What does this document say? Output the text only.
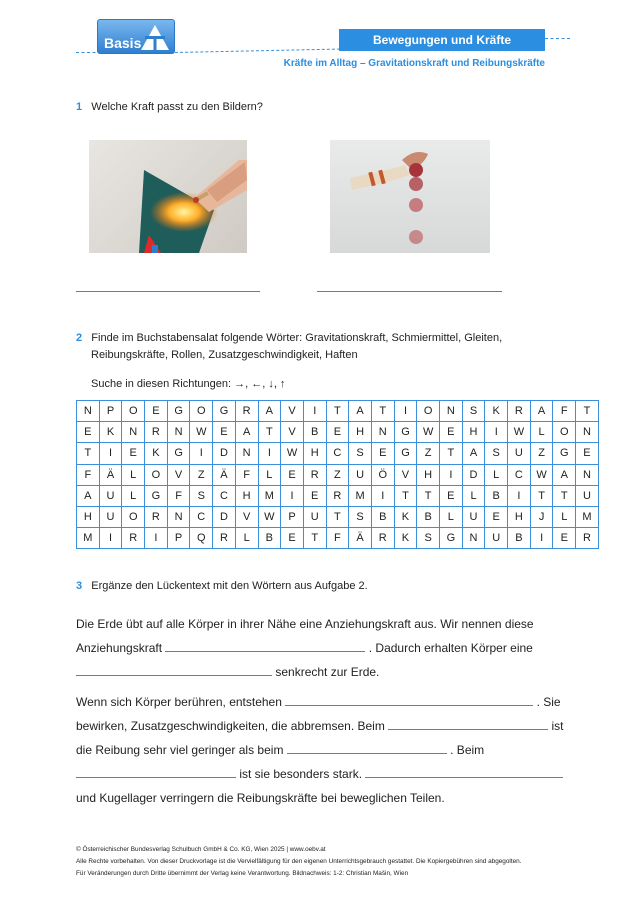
Basis	Bewegungen und Kräfte
Kräfte im Alltag – Gravitationskraft und Reibungskräfte
1 Welche Kraft passt zu den Bildern?
2 Finde im Buchstabensalat folgende Wörter: Gravitationskraft, Schmiermittel, Gleiten,
Reibungskräfte, Rollen, Zusatzgeschwindigkeit, Haften
Suche in diesen Richtungen: →, ←, ↓, ↑
N	P	O	E	G	O	G	R	A	V	I	T	A	T	I	O	N	S	K	R	A	F	T
E	K	N	R	N	W	E	A	T	V	B	E	H	N	G	W	E	H	I	W	L	O	N
T	I	E	K	G	I	D	N	I	W	H	C	S	E	G	Z	T	A	S	U	Z	G	E
F	Ä	L	O	V	Z	Ä	F	L	E	R	Z	U	Ö	V	H	I	D	L	C	W	A	N
A	U	L	G	F	S	C	H	M	I	E	R	M	I	T	T	E	L	B	I	T	T	U
H	U	O	R	N	C	D	V	W	P	U	T	S	B	K	B	L	U	E	H	J	L	M
M	I	R	I	P	Q	R	L	B	E	T	F	Ä	R	K	S	G	N	U	B	I	E	R
3 Ergänze den Lückentext mit den Wörtern aus Aufgabe 2.
Die Erde übt auf alle Körper in ihrer Nähe eine Anziehungskraft aus. Wir nennen diese
Anziehungskraft	. Dadurch erhalten Körper eine
senkrecht zur Erde.
Wenn sich Körper berühren, entstehen	. Sie
bewirken, Zusatzgeschwindigkeiten, die abbremsen. Beim	ist
die Reibung sehr viel geringer als beim	. Beim
ist sie besonders stark.
und Kugellager verringern die Reibungskräfte bei beweglichen Teilen.
© Österreichischer Bundesverlag Schulbuch GmbH & Co. KG, Wien 2025 | www.oebv.at
Alle Rechte vorbehalten. Von dieser Druckvorlage ist die Vervielfältigung für den eigenen Unterrichtsgebrauch gestattet. Die Kopiergebühren sind abgegolten.
Für Veränderungen durch Dritte übernimmt der Verlag keine Verantwortung. Bildnachweis: 1-2: Christian Mašin, Wien
